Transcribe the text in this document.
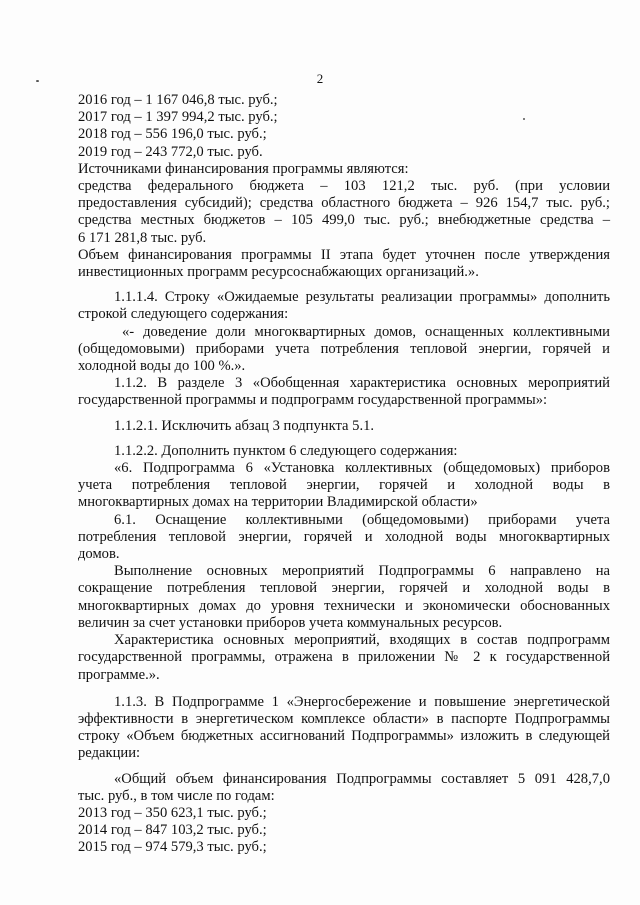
2
2016 год – 1 167 046,8 тыс. руб.;
2017 год – 1 397 994,2 тыс. руб.;
2018 год – 556 196,0 тыс. руб.;
2019 год – 243 772,0 тыс. руб.
Источниками финансирования программы являются:
средства федерального бюджета – 103 121,2 тыс. руб. (при условии
предоставления субсидий); средства областного бюджета – 926 154,7 тыс. руб.;
средства местных бюджетов – 105 499,0 тыс. руб.; внебюджетные средства –
6 171 281,8 тыс. руб.
Объем финансирования программы II этапа будет уточнен после утверждения
инвестиционных программ ресурсоснабжающих организаций.».
1.1.1.4. Строку «Ожидаемые результаты реализации программы» дополнить
строкой следующего содержания:
«- доведение доли многоквартирных домов, оснащенных коллективными
(общедомовыми) приборами учета потребления тепловой энергии, горячей и
холодной воды до 100 %.».
1.1.2. В разделе 3 «Обобщенная характеристика основных мероприятий
государственной программы и подпрограмм государственной программы»:
1.1.2.1. Исключить абзац 3 подпункта 5.1.
1.1.2.2. Дополнить пунктом 6 следующего содержания:
«6. Подпрограмма 6 «Установка коллективных (общедомовых) приборов
учета потребления тепловой энергии, горячей и холодной воды в
многоквартирных домах на территории Владимирской области»
6.1. Оснащение коллективными (общедомовыми) приборами учета
потребления тепловой энергии, горячей и холодной воды многоквартирных
домов.
Выполнение основных мероприятий Подпрограммы 6 направлено на
сокращение потребления тепловой энергии, горячей и холодной воды в
многоквартирных домах до уровня технически и экономически обоснованных
величин за счет установки приборов учета коммунальных ресурсов.
Характеристика основных мероприятий, входящих в состав подпрограмм
государственной программы, отражена в приложении № 2 к государственной
программе.».
1.1.3. В Подпрограмме 1 «Энергосбережение и повышение энергетической
эффективности в энергетическом комплексе области» в паспорте Подпрограммы
строку «Объем бюджетных ассигнований Подпрограммы» изложить в следующей
редакции:
«Общий объем финансирования Подпрограммы составляет 5 091 428,7,0
тыс. руб., в том числе по годам:
2013 год – 350 623,1 тыс. руб.;
2014 год – 847 103,2 тыс. руб.;
2015 год – 974 579,3 тыс. руб.;
